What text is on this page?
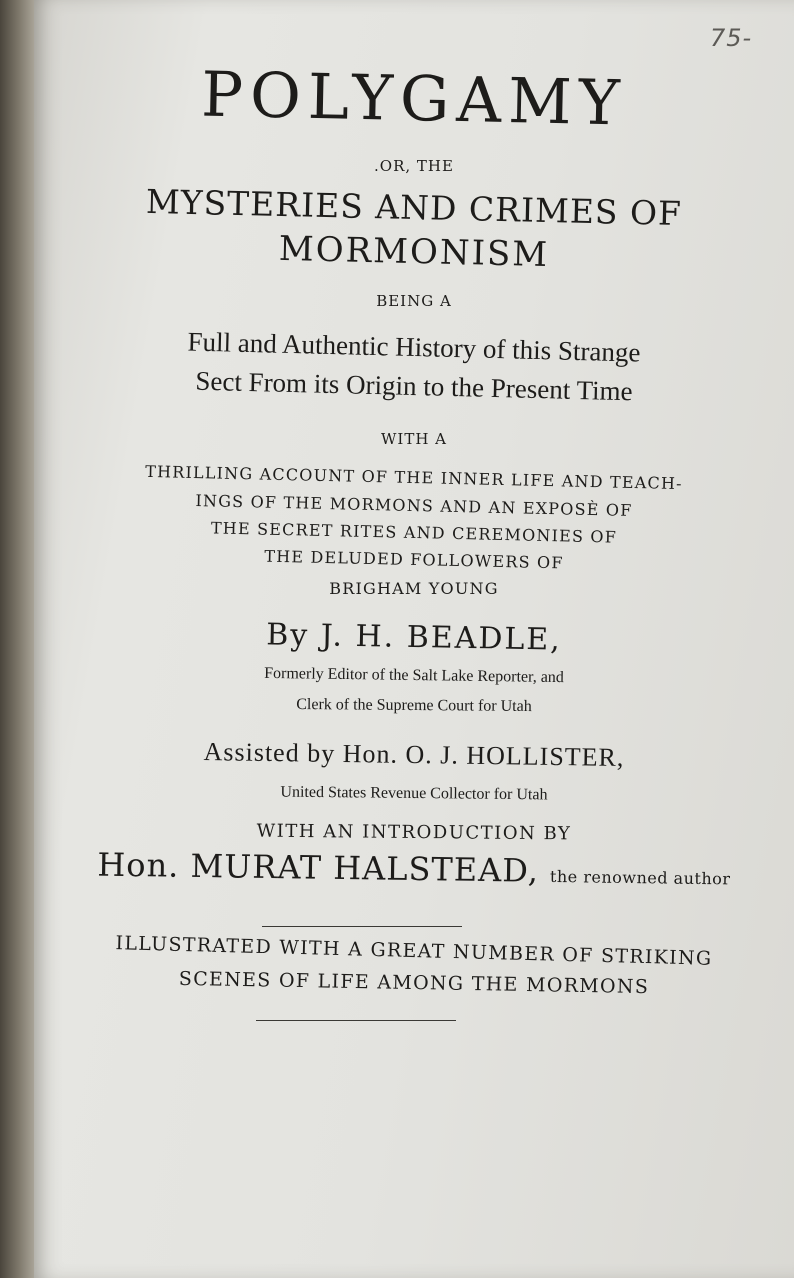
75-
POLYGAMY
.OR, THE
MYSTERIES AND CRIMES OF
MORMONISM
BEING A
Full and Authentic History of this Strange
Sect From its Origin to the Present Time
WITH A
THRILLING ACCOUNT OF THE INNER LIFE AND TEACH-
INGS OF THE MORMONS AND AN EXPOSÈ OF
THE SECRET RITES AND CEREMONIES OF
THE DELUDED FOLLOWERS OF
BRIGHAM YOUNG
By J. H. BEADLE,
Formerly Editor of the Salt Lake Reporter, and
Clerk of the Supreme Court for Utah
Assisted by Hon. O. J. HOLLISTER,
United States Revenue Collector for Utah
WITH AN INTRODUCTION BY
Hon. MURAT HALSTEAD, the renowned author
ILLUSTRATED WITH A GREAT NUMBER OF STRIKING
SCENES OF LIFE AMONG THE MORMONS
